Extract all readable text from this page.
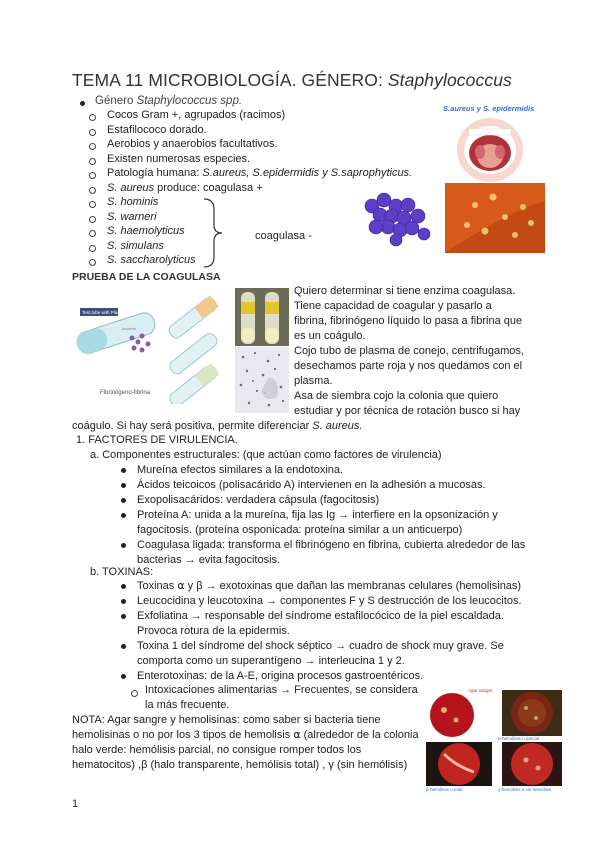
TEMA 11 MICROBIOLOGÍA. GÉNERO: Staphylococcus
Género Staphylococcus spp.
Cocos Gram +, agrupados (racimos)
Estafilococo dorado.
Aerobios y anaerobios facultativos.
Existen numerosas especies.
Patología humana: S.aureus, S.epidermidis y S.saprophyticus.
S. aureus produce: coagulasa +
S. hominis
S. warneri
S. haemolyticus
S. simulans
S. saccharolyticus
coagulasa -
S.aureus y S. epidermidis
PRUEBA DE LA COAGULASA
Test tube with Plasma
bacteria
Fibrinógeno-fibrina
Quiero determinar si tiene enzima coagulasa.
Tiene capacidad de coagular y pasarlo a
fibrina, fibrinógeno líquido lo pasa a fibrina que
es un coágulo.
Cojo tubo de plasma de conejo, centrifugamos,
desechamos parte roja y nos quedamos con el
plasma.
Asa de siembra cojo la colonia que quiero
estudiar y por técnica de rotación busco si hay
coágulo. Si hay será positiva, permite diferenciar S. aureus.
1. FACTORES DE VIRULENCIA.
a. Componentes estructurales: (que actúan como factores de virulencia)
Mureína efectos similares a la endotoxina.
Ácidos teicoicos (polisacárido A) intervienen en la adhesión a mucosas.
Exopolisacáridos: verdadera cápsula (fagocitosis)
Proteína A: unida a la mureína, fija las Ig → interfiere en la opsonización y
fagocitosis. (proteína osponicada: proteína similar a un anticuerpo)
Coagulasa ligada: transforma el fibrinógeno en fibrina, cubierta alrededor de las
bacterias → evita fagocitosis.
b. TOXINAS:
Toxinas ⍺ y β → exotoxinas que dañan las membranas celulares (hemolisinas)
Leucocidina y leucotoxina → componentes F y S destrucción de los leucocitos.
Exfoliatina → responsable del síndrome estafilocócico de la piel escaldada.
Provoca rotura de la epidermis.
Toxina 1 del síndrome del shock séptico → cuadro de shock muy grave. Se
comporta como un superantígeno → interleucina 1 y 2.
Enterotoxinas: de la A-E, origina procesos gastroentéricos.
Intoxicaciones alimentarias → Frecuentes, se considera
la más frecuente.
NOTA: Agar sangre y hemolisinas: como saber si bacteria tiene
hemolisinas o no por los 3 tipos de hemolisis ⍺ (alrededor de la colonia
halo verde: hemólisis parcial, no consigue romper todos los
hematocitos) ,β (halo transparente, hemólisis total) , γ (sin hemólisis)
Agar sangre
α-hemólisis o parcial
β-hemólisis o total	γ-hemólisis o sin hemólisis
1
